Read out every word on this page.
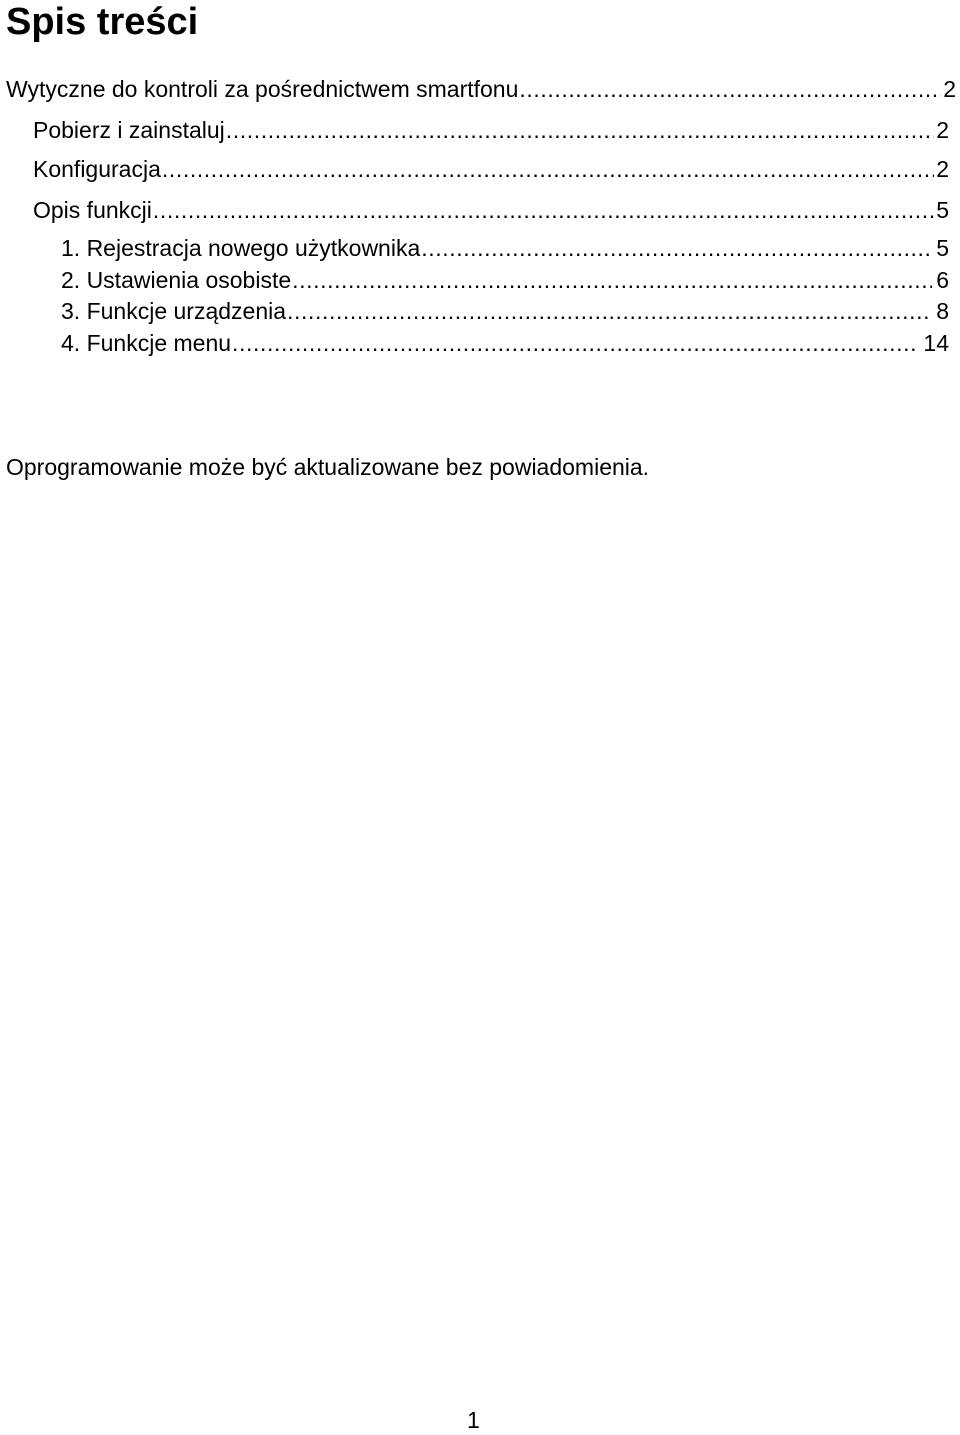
Spis treści
Wytyczne do kontroli za pośrednictwem smartfonu .....	2
Pobierz i zainstaluj .....	2
Konfiguracja .....	2
Opis funkcji .....	5
1. Rejestracja nowego użytkownika .....	5
2. Ustawienia osobiste .....	6
3. Funkcje urządzenia .....	8
4. Funkcje menu .....	14

Oprogramowanie może być aktualizowane bez powiadomienia.

1
